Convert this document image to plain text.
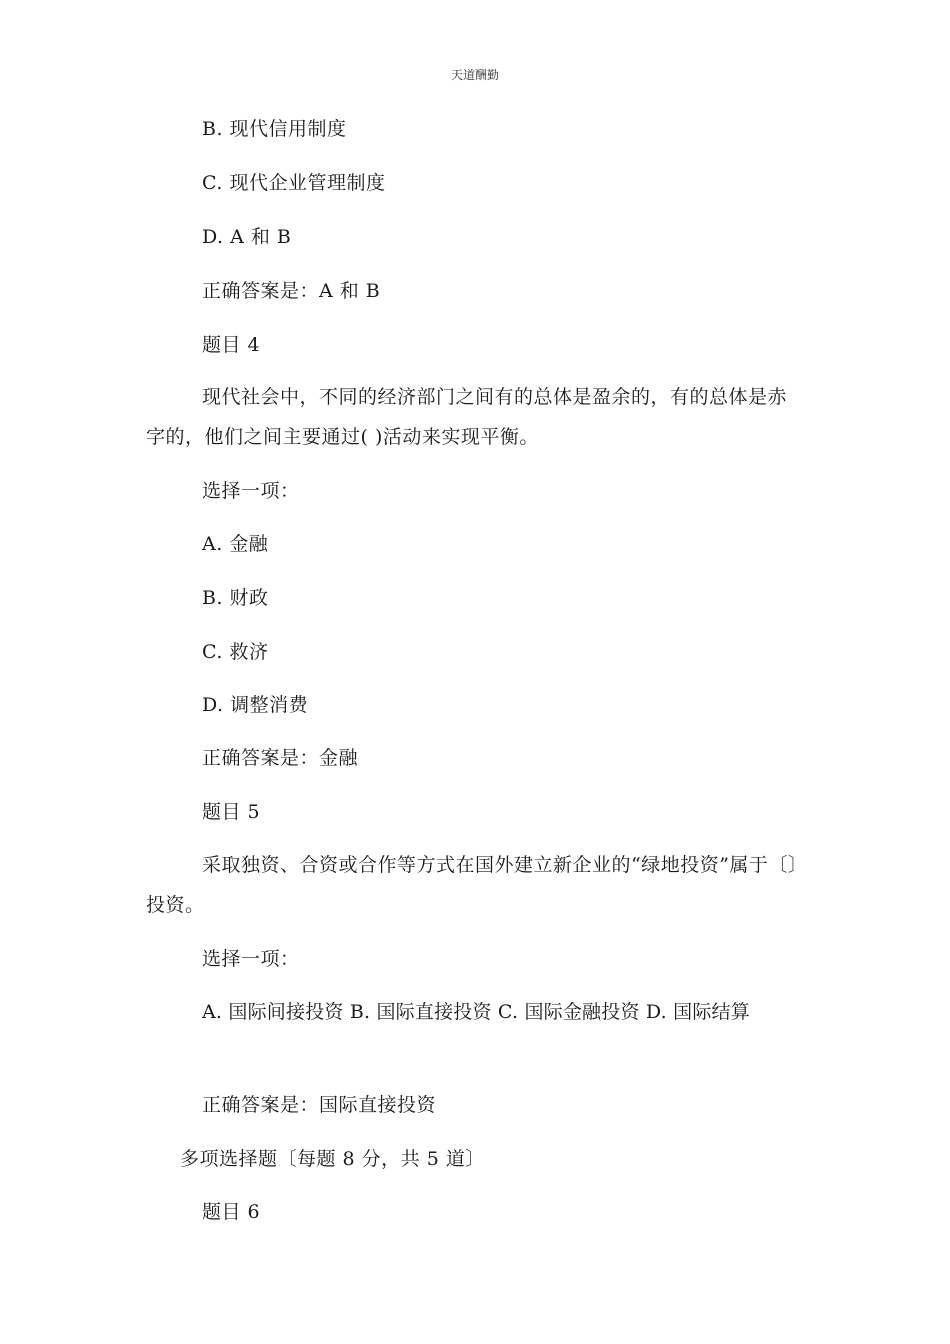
天道酬勤
B. 现代信用制度
C. 现代企业管理制度
D. A 和 B
正确答案是：A 和 B
题目 4

现代社会中，不同的经济部门之间有的总体是盈余的，有的总体是赤字的，他们之间主要通过( )活动来实现平衡。

选择一项：
A. 金融
B. 财政
C. 救济
D. 调整消费
正确答案是：金融
题目 5

采取独资、合资或合作等方式在国外建立新企业的“绿地投资”属于〔〕投资。

选择一项：

A. 国际间接投资 B. 国际直接投资 C. 国际金融投资 D. 国际结算

正确答案是：国际直接投资
多项选择题〔每题 8 分，共 5 道〕
题目 6
